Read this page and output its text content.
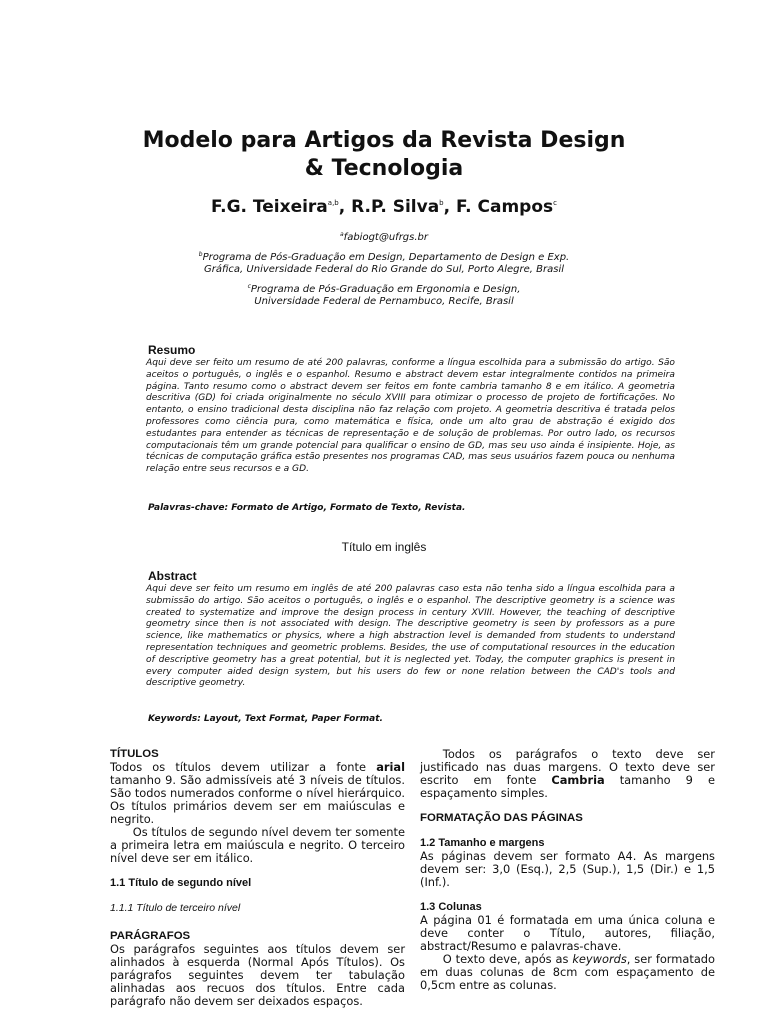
Modelo para Artigos da Revista Design & Tecnologia
F.G. Teixeira$^{a,b}$, R.P. Silva$^b$, F. Campos$^c$
$^a$fabiogt@ufrgs.br
$^b$Programa de Pós-Graduação em Design, Departamento de Design e Exp.
Gráfica, Universidade Federal do Rio Grande do Sul, Porto Alegre, Brasil
$^c$Programa de Pós-Graduação em Ergonomia e Design,
Universidade Federal de Pernambuco, Recife, Brasil
Resumo

Aqui deve ser feito um resumo de até 200 palavras, conforme a língua escolhida para a submissão do artigo. São aceitos o português, o inglês e o espanhol. Resumo e abstract devem estar integralmente contidos na primeira página. Tanto resumo como o abstract devem ser feitos em fonte cambria tamanho 8 e em itálico. A geometria descritiva (GD) foi criada originalmente no século XVIII para otimizar o processo de projeto de fortificações. No entanto, o ensino tradicional desta disciplina não faz relação com projeto. A geometria descritiva é tratada pelos professores como ciência pura, como matemática e física, onde um alto grau de abstração é exigido dos estudantes para entender as técnicas de representação e de solução de problemas. Por outro lado, os recursos computacionais têm um grande potencial para qualificar o ensino de GD, mas seu uso ainda é insipiente. Hoje, as técnicas de computação gráfica estão presentes nos programas CAD, mas seus usuários fazem pouca ou nenhuma relação entre seus recursos e a GD.

Palavras-chave: Formato de Artigo, Formato de Texto, Revista.
Título em inglês
Abstract

Aqui deve ser feito um resumo em inglês de até 200 palavras caso esta não tenha sido a língua escolhida para a submissão do artigo. São aceitos o português, o inglês e o espanhol. The descriptive geometry is a science was created to systematize and improve the design process in century XVIII. However, the teaching of descriptive geometry since then is not associated with design. The descriptive geometry is seen by professors as a pure science, like mathematics or physics, where a high abstraction level is demanded from students to understand representation techniques and geometric problems. Besides, the use of computational resources in the education of descriptive geometry has a great potential, but it is neglected yet. Today, the computer graphics is present in every computer aided design system, but his users do few or none relation between the CAD's tools and descriptive geometry.

Keywords: Layout, Text Format, Paper Format.

TÍTULOS

Todos os títulos devem utilizar a fonte arial tamanho 9. São admissíveis até 3 níveis de títulos. São todos numerados conforme o nível hierárquico. Os títulos primários devem ser em maiúsculas e negrito.

Os títulos de segundo nível devem ter somente a primeira letra em maiúscula e negrito. O terceiro nível deve ser em itálico.

1.1 Título de segundo nível

1.1.1 Título de terceiro nível

PARÁGRAFOS

Os parágrafos seguintes aos títulos devem ser alinhados à esquerda (Normal Após Títulos). Os parágrafos seguintes devem ter tabulação alinhadas aos recuos dos títulos. Entre cada parágrafo não devem ser deixados espaços.

Todos os parágrafos o texto deve ser justificado nas duas margens. O texto deve ser escrito em fonte Cambria tamanho 9 e espaçamento simples.

FORMATAÇÃO DAS PÁGINAS

1.2 Tamanho e margens

As páginas devem ser formato A4. As margens devem ser: 3,0 (Esq.), 2,5 (Sup.), 1,5 (Dir.) e 1,5 (Inf.).

1.3 Colunas

A página 01 é formatada em uma única coluna e deve conter o Título, autores, filiação, abstract/Resumo e palavras-chave.

O texto deve, após as keywords, ser formatado em duas colunas de 8cm com espaçamento de 0,5cm entre as colunas.
